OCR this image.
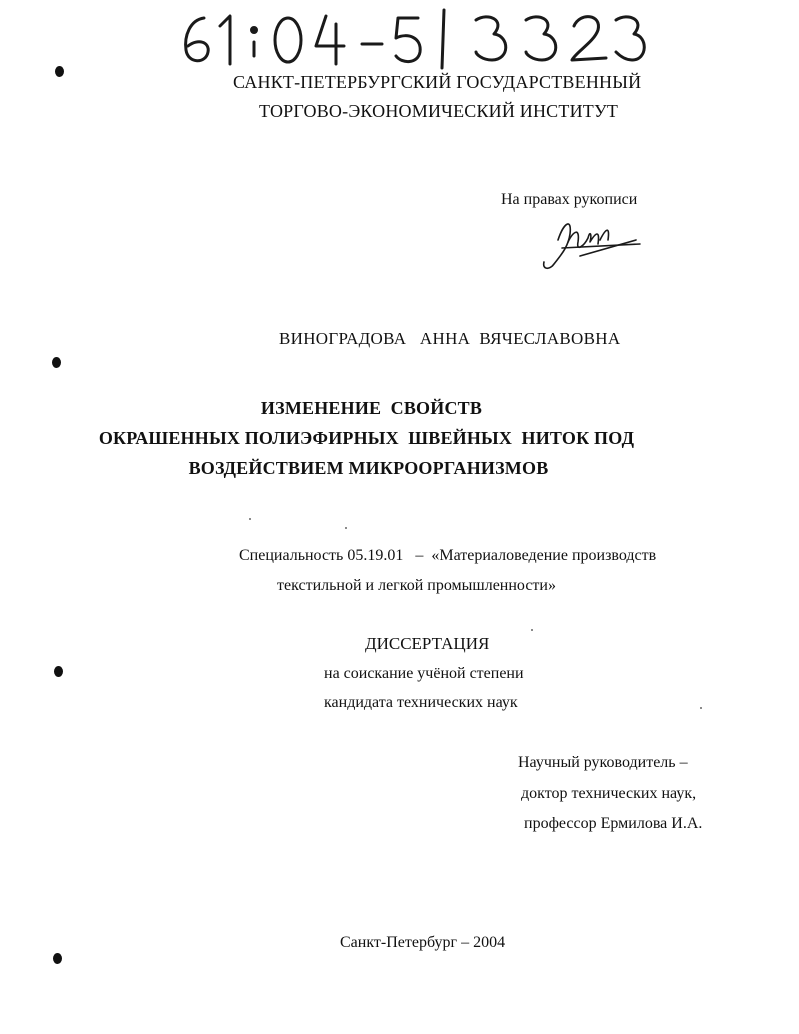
САНКТ-ПЕТЕРБУРГСКИЙ ГОСУДАРСТВЕННЫЙ
ТОРГОВО-ЭКОНОМИЧЕСКИЙ ИНСТИТУТ
На правах рукописи
ВИНОГРАДОВА   АННА  ВЯЧЕСЛАВОВНА
ИЗМЕНЕНИЕ  СВОЙСТВ
ОКРАШЕННЫХ ПОЛИЭФИРНЫХ  ШВЕЙНЫХ  НИТОК ПОД
ВОЗДЕЙСТВИЕМ МИКРООРГАНИЗМОВ
Специальность 05.19.01   –  «Материаловедение производств
текстильной и легкой промышленности»
ДИССЕРТАЦИЯ
на соискание учёной степени
кандидата технических наук
Научный руководитель –
доктор технических наук,
профессор Ермилова И.А.
Санкт-Петербург – 2004
